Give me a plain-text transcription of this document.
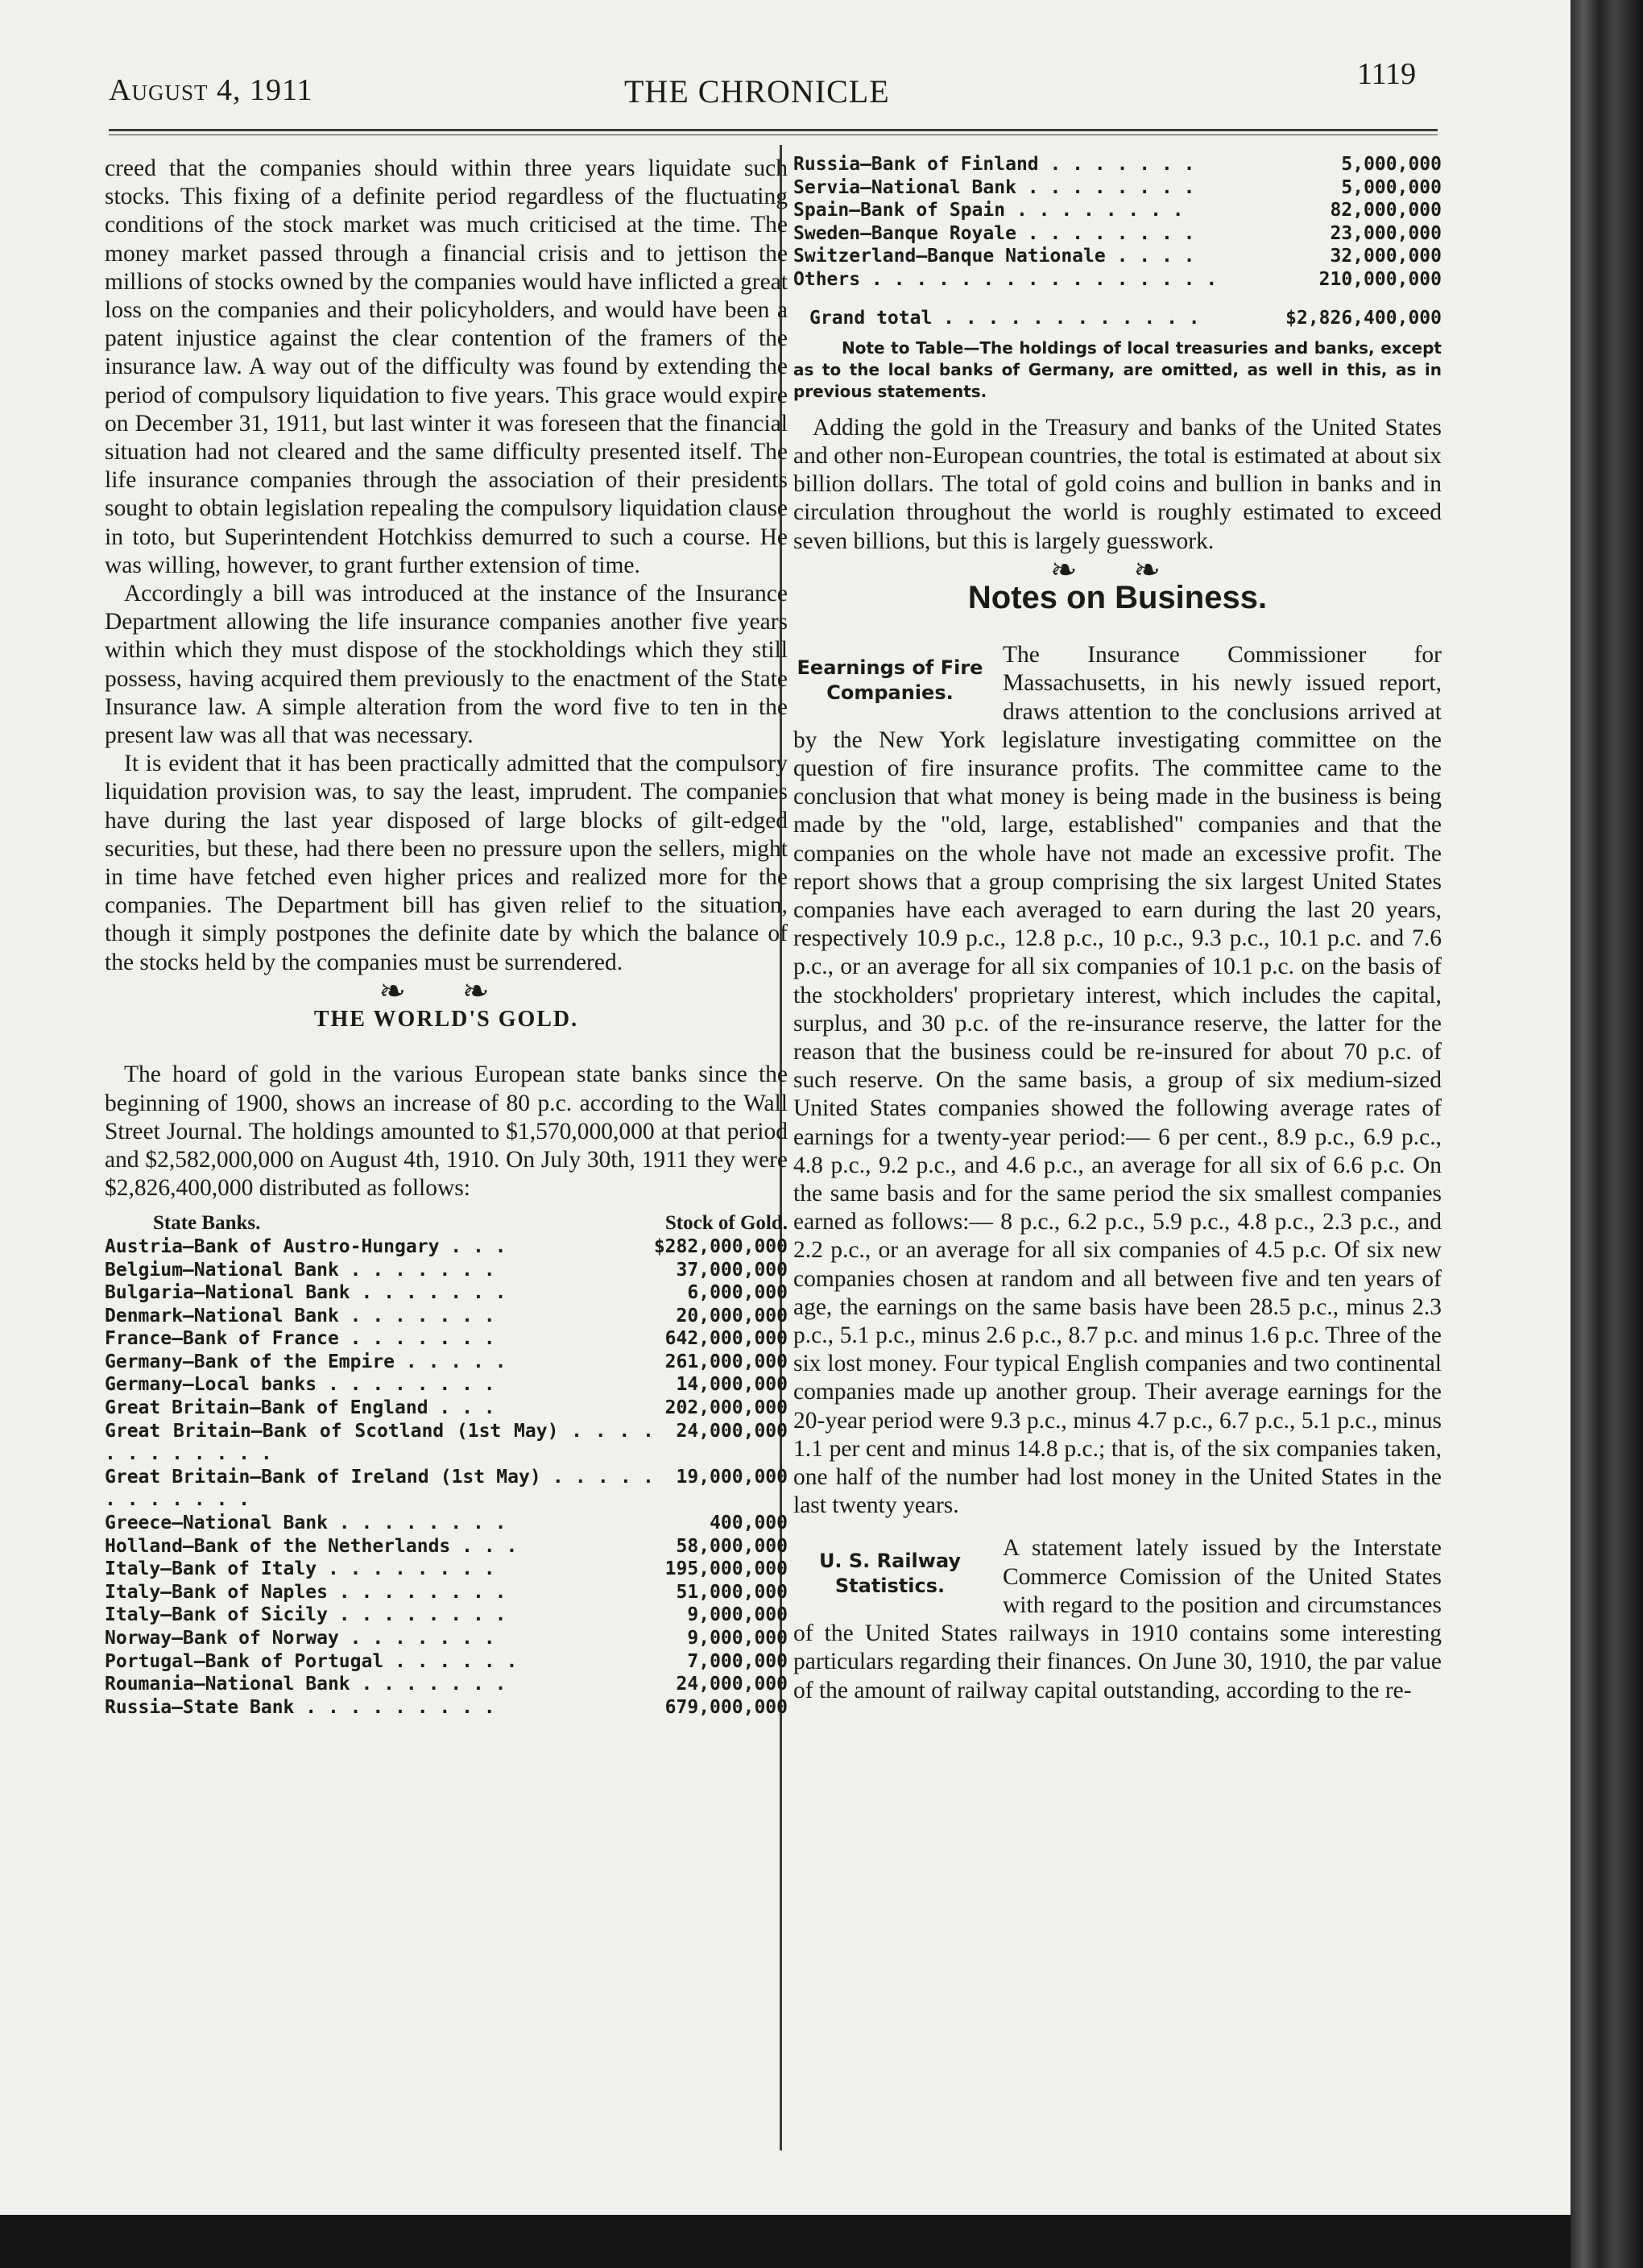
August 4, 1911	THE CHRONICLE	1119

creed that the companies should within three years liquidate such stocks. This fixing of a definite period regardless of the fluctuating conditions of the stock market was much criticised at the time. The money market passed through a financial crisis and to jettison the millions of stocks owned by the companies would have inflicted a great loss on the companies and their policyholders, and would have been a patent injustice against the clear contention of the framers of the insurance law. A way out of the difficulty was found by extending the period of compulsory liquidation to five years. This grace would expire on December 31, 1911, but last winter it was foreseen that the financial situation had not cleared and the same difficulty presented itself. The life insurance companies through the association of their presidents sought to obtain legislation repealing the compulsory liquidation clause in toto, but Superintendent Hotchkiss demurred to such a course. He was willing, however, to grant further extension of time.

Accordingly a bill was introduced at the instance of the Insurance Department allowing the life insurance companies another five years within which they must dispose of the stockholdings which they still possess, having acquired them previously to the enactment of the State Insurance law. A simple alteration from the word five to ten in the present law was all that was necessary.

It is evident that it has been practically admitted that the compulsory liquidation provision was, to say the least, imprudent. The companies have during the last year disposed of large blocks of gilt-edged securities, but these, had there been no pressure upon the sellers, might in time have fetched even higher prices and realized more for the companies. The Department bill has given relief to the situation, though it simply postpones the definite date by which the balance of the stocks held by the companies must be surrendered.

❧ ❧

THE WORLD'S GOLD.

The hoard of gold in the various European state banks since the beginning of 1900, shows an increase of 80 p.c. according to the Wall Street Journal. The holdings amounted to $1,570,000,000 at that period and $2,582,000,000 on August 4th, 1910. On July 30th, 1911 they were $2,826,400,000 distributed as follows:

State Banks.	Stock of Gold.
Austria—Bank of Austro-Hungary . . .	$282,000,000
Belgium—National Bank . . . . . . .	37,000,000
Bulgaria—National Bank . . . . . . .	6,000,000
Denmark—National Bank . . . . . . .	20,000,000
France—Bank of France . . . . . . .	642,000,000
Germany—Bank of the Empire . . . . .	261,000,000
Germany—Local banks . . . . . . . .	14,000,000
Great Britain—Bank of England . . .	202,000,000
Great Britain—Bank of Scotland (1st May) . . . . . . . . . . . .	24,000,000
Great Britain—Bank of Ireland (1st May) . . . . . . . . . . . .	19,000,000
Greece—National Bank . . . . . . . .	400,000
Holland—Bank of the Netherlands . . .	58,000,000
Italy—Bank of Italy . . . . . . . .	195,000,000
Italy—Bank of Naples . . . . . . . .	51,000,000
Italy—Bank of Sicily . . . . . . . .	9,000,000
Norway—Bank of Norway . . . . . . .	9,000,000
Portugal—Bank of Portugal . . . . . .	7,000,000
Roumania—National Bank . . . . . . .	24,000,000
Russia—State Bank . . . . . . . . .	679,000,000
Russia—Bank of Finland . . . . . . .	5,000,000
Servia—National Bank . . . . . . . .	5,000,000
Spain—Bank of Spain . . . . . . . .	82,000,000
Sweden—Banque Royale . . . . . . . .	23,000,000
Switzerland—Banque Nationale . . . .	32,000,000
Others . . . . . . . . . . . . . . . .	210,000,000

Grand total . . . . . . . . . . . .	$2,826,400,000

Note to Table—The holdings of local treasuries and banks, except as to the local banks of Germany, are omitted, as well in this, as in previous statements.

Adding the gold in the Treasury and banks of the United States and other non-European countries, the total is estimated at about six billion dollars. The total of gold coins and bullion in banks and in circulation throughout the world is roughly estimated to exceed seven billions, but this is largely guesswork.

❧ ❧

Notes on Business.

Eearnings of Fire Companies.

The Insurance Commissioner for Massachusetts, in his newly issued report, draws attention to the conclusions arrived at by the New York legislature investigating committee on the question of fire insurance profits. The committee came to the conclusion that what money is being made in the business is being made by the "old, large, established" companies and that the companies on the whole have not made an excessive profit. The report shows that a group comprising the six largest United States companies have each averaged to earn during the last 20 years, respectively 10.9 p.c., 12.8 p.c., 10 p.c., 9.3 p.c., 10.1 p.c. and 7.6 p.c., or an average for all six companies of 10.1 p.c. on the basis of the stockholders' proprietary interest, which includes the capital, surplus, and 30 p.c. of the re-insurance reserve, the latter for the reason that the business could be re-insured for about 70 p.c. of such reserve. On the same basis, a group of six medium-sized United States companies showed the following average rates of earnings for a twenty-year period:— 6 per cent., 8.9 p.c., 6.9 p.c., 4.8 p.c., 9.2 p.c., and 4.6 p.c., an average for all six of 6.6 p.c. On the same basis and for the same period the six smallest companies earned as follows:— 8 p.c., 6.2 p.c., 5.9 p.c., 4.8 p.c., 2.3 p.c., and 2.2 p.c., or an average for all six companies of 4.5 p.c. Of six new companies chosen at random and all between five and ten years of age, the earnings on the same basis have been 28.5 p.c., minus 2.3 p.c., 5.1 p.c., minus 2.6 p.c., 8.7 p.c. and minus 1.6 p.c. Three of the six lost money. Four typical English companies and two continental companies made up another group. Their average earnings for the 20-year period were 9.3 p.c., minus 4.7 p.c., 6.7 p.c., 5.1 p.c., minus 1.1 per cent and minus 14.8 p.c.; that is, of the six companies taken, one half of the number had lost money in the United States in the last twenty years.

U. S. Railway Statistics.

A statement lately issued by the Interstate Commerce Comission of the United States with regard to the position and circumstances of the United States railways in 1910 contains some interesting particulars regarding their finances. On June 30, 1910, the par value of the amount of railway capital outstanding, according to the re-
